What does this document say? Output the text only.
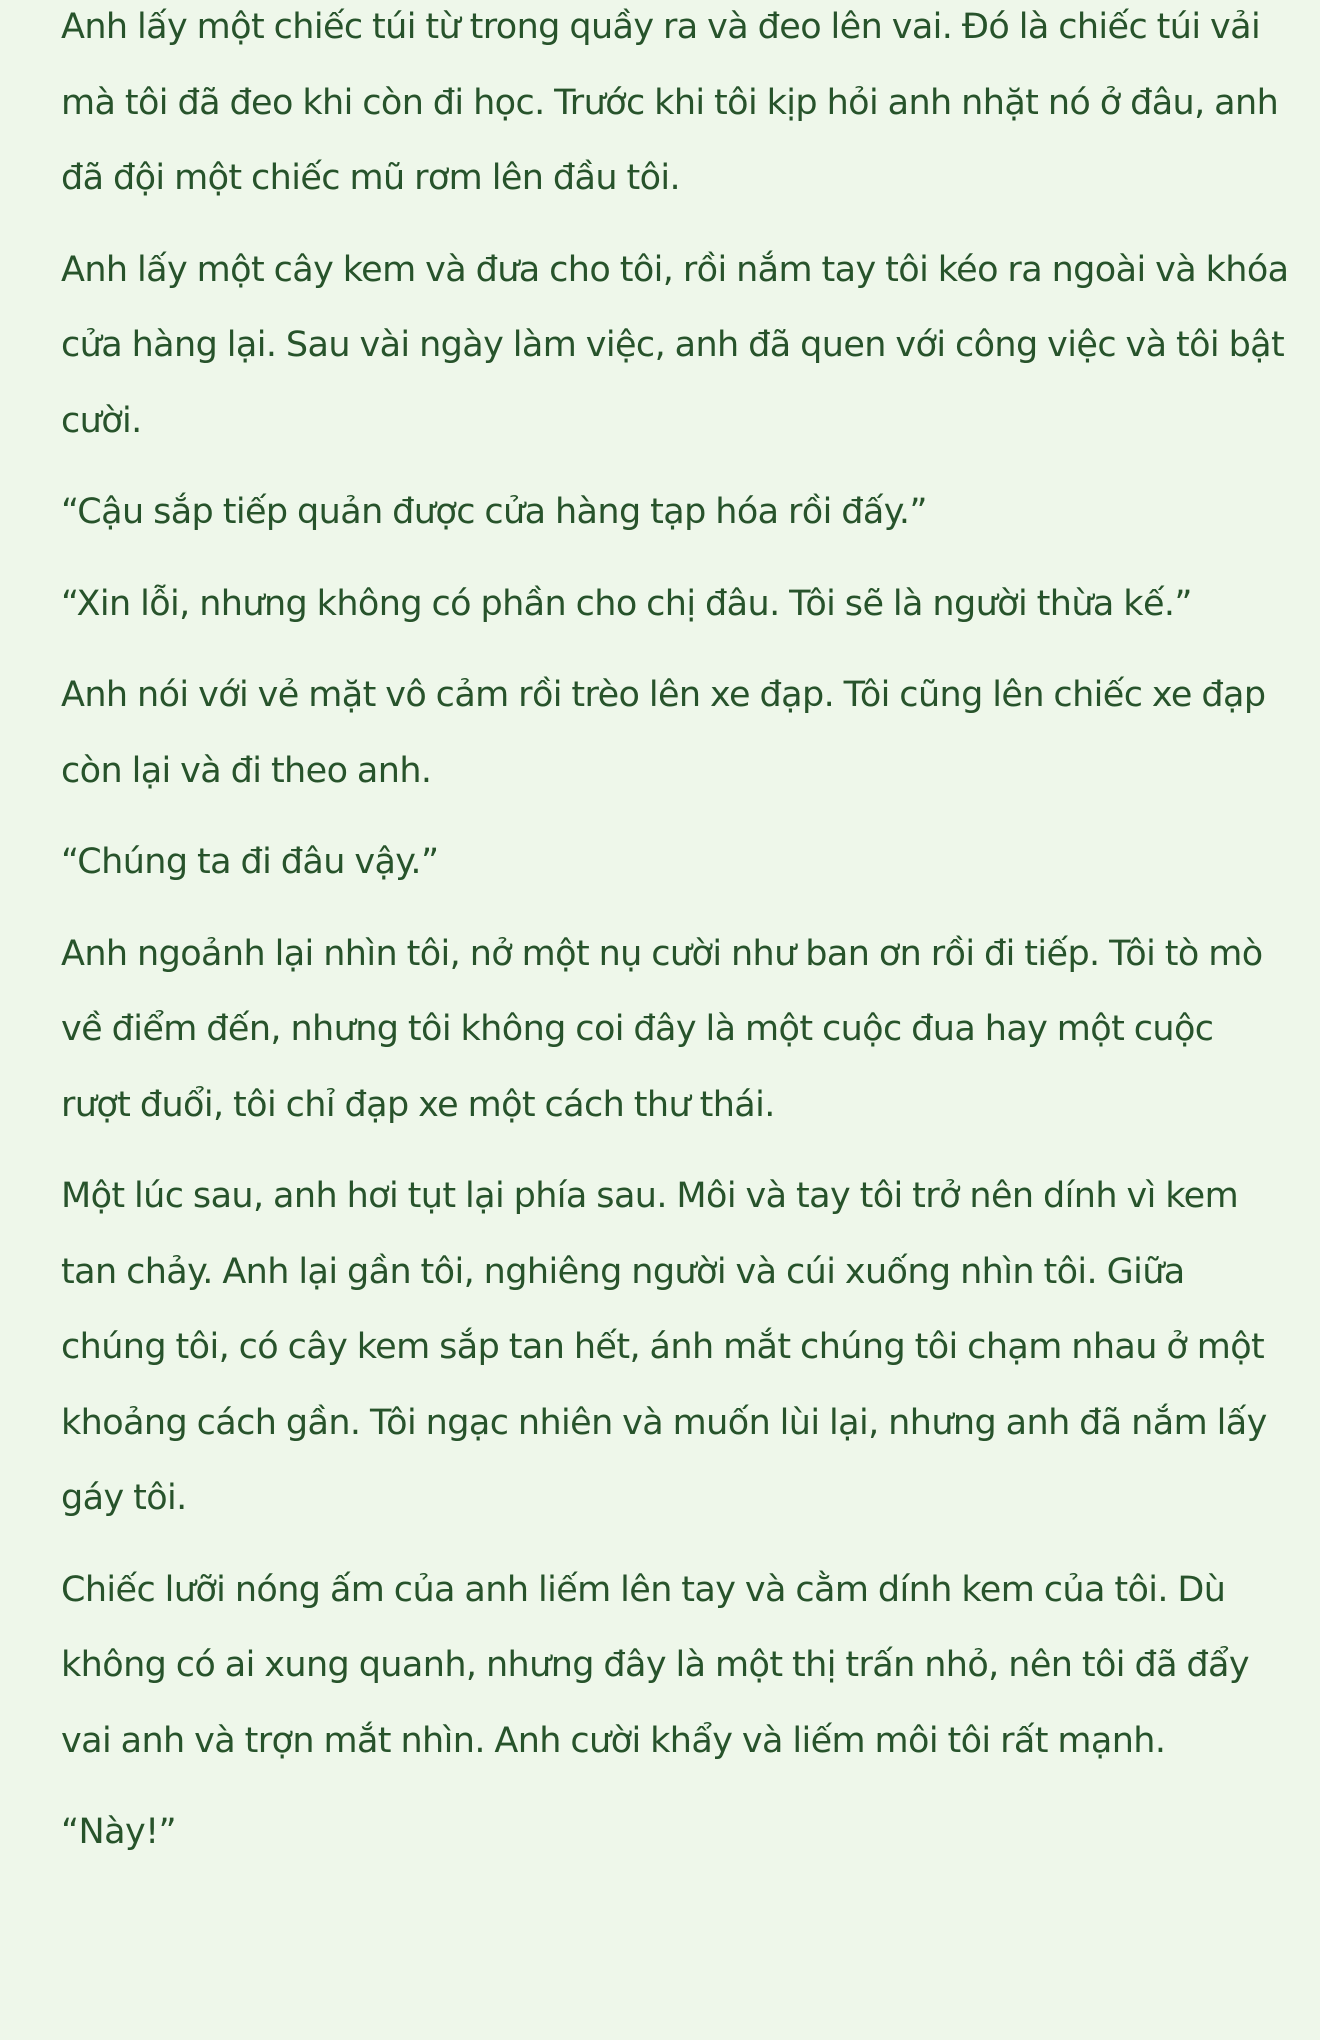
Anh lấy một chiếc túi từ trong quầy ra và đeo lên vai. Đó là chiếc túi vải mà tôi đã đeo khi còn đi học. Trước khi tôi kịp hỏi anh nhặt nó ở đâu, anh đã đội một chiếc mũ rơm lên đầu tôi.

Anh lấy một cây kem và đưa cho tôi, rồi nắm tay tôi kéo ra ngoài và khóa cửa hàng lại. Sau vài ngày làm việc, anh đã quen với công việc và tôi bật cười.

“Cậu sắp tiếp quản được cửa hàng tạp hóa rồi đấy.”

“Xin lỗi, nhưng không có phần cho chị đâu. Tôi sẽ là người thừa kế.”

Anh nói với vẻ mặt vô cảm rồi trèo lên xe đạp. Tôi cũng lên chiếc xe đạp còn lại và đi theo anh.

“Chúng ta đi đâu vậy.”

Anh ngoảnh lại nhìn tôi, nở một nụ cười như ban ơn rồi đi tiếp. Tôi tò mò về điểm đến, nhưng tôi không coi đây là một cuộc đua hay một cuộc rượt đuổi, tôi chỉ đạp xe một cách thư thái.

Một lúc sau, anh hơi tụt lại phía sau. Môi và tay tôi trở nên dính vì kem tan chảy. Anh lại gần tôi, nghiêng người và cúi xuống nhìn tôi. Giữa chúng tôi, có cây kem sắp tan hết, ánh mắt chúng tôi chạm nhau ở một khoảng cách gần. Tôi ngạc nhiên và muốn lùi lại, nhưng anh đã nắm lấy gáy tôi.

Chiếc lưỡi nóng ấm của anh liếm lên tay và cằm dính kem của tôi. Dù không có ai xung quanh, nhưng đây là một thị trấn nhỏ, nên tôi đã đẩy vai anh và trợn mắt nhìn. Anh cười khẩy và liếm môi tôi rất mạnh.

“Này!”
